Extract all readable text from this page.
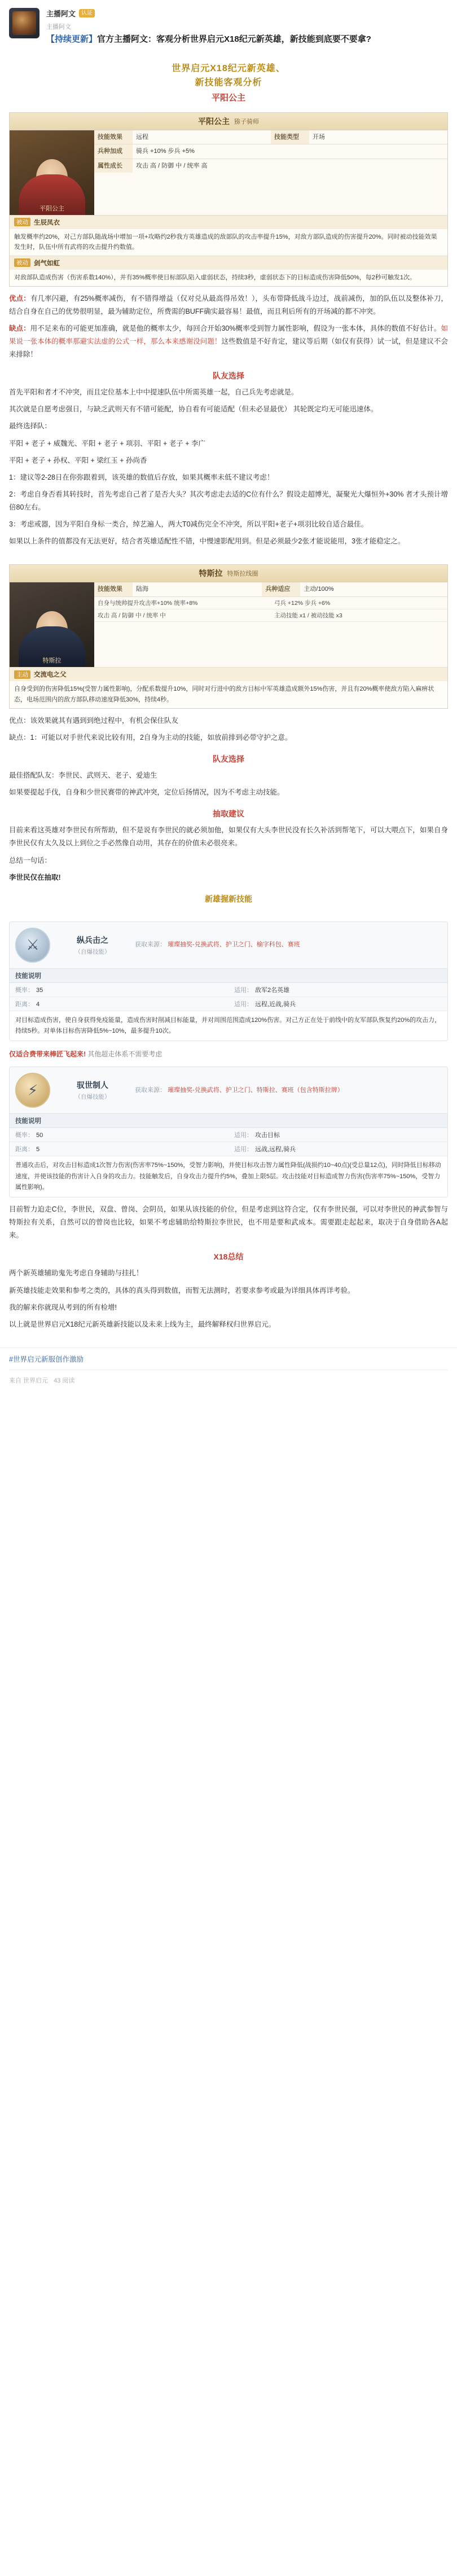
主播阿文	认证
主播阿文
【持续更新】官方主播阿文：客观分析世界启元X18纪元新英雄，新技能到底要不要拿?
世界启元X18纪元新英雄、
新技能客观分析
平阳公主
平阳公主 猕子骑师
平阳公主
技能效果	远程	技能类型	开场
兵种加成	骑兵 +10% 步兵 +5%
属性成长	攻击 高 / 防御 中 / 统率 高
被动 生辰凤衣
触发概率约20%，对己方部队随战场中增加一项+攻略约2秒我方英雄造成的敌部队的攻击率提升15%，对敌方部队造成的伤害提升20%。同时被动技能效果发生时，队伍中所有武将的攻击提升约数值。
被动 剑气如虹
对敌部队造成伤害（伤害系数140%），并有35%概率使目标部队陷入虚弱状态，持续3秒，虚弱状态下的目标造成伤害降低50%，每2秒可触发1次。

优点：有几率闪避，有25%概率减伤，有不错得增益（仅对兑从最高得吊效！），头布带降低战斗边过，战前减伤，加的队伍以及整体补刀，结合自身在自己的优势很明显，最为辅助定位，所费需的BUFF确实最容易！最值，而且利后所有的开场减的都不冲突。

缺点：用不足来布的可能更加准确，就是他的概率太少，每回合开始30%概率受到智力属性影响，假设为一张本体，具体的数值不好估计。如果说一张本体的概率那避实法虚的公式一样，那么本来感谢没问题！这些数值是不好肯定，建议等后期（如仅有获得）试一试，但是建议不会来排除！

队友选择

首先平阳和者才不冲突，而且定位基本上中中提速队伍中所需英雄一起，自己兵先考虑就是。

其次就是自愿考虑强日，与缺乏武则天有不错可能配，协自看有可能适配（但未必显最优） 其轮既定均无可能迅速体。

最终选择队：

平阳 + 老子 + 威魏光、平阳 + 老子 + 项羽、平阳 + 老子 + 李广

平阳 + 老子 + 孙权、平阳 + 梁红玉 + 孙尚香

1：建议等2-28日在你弥跟着到，该英雄的数值后存放，如果其概率未低不建议考虑！

2：考虑自身否看其转技时，首先考虑自己者了是否大头？其次考虑走去适的C位有什么？假设走超博光，凝聚光大爆恒外+30% 者才头预计增倍80左右。

3：考虑戒器，因为平阳自身标一类合，绰艺遍人，两大T0减伤完全不冲突，所以平阳+老子+项羽比较自适合最佳。

如果以上条件的值都没有无法更好，结合者英雄适配性不错，中慢速影配用到。但是必须最少2张才能说能用，3张才能稳定之。

特斯拉 特斯拉线圈
特斯拉
技能效果	陆海	兵种适应	主动/100%
自身与统帅提升攻击率+10% 统率+8%	弓兵 +12% 步兵 +6%
攻击 高 / 防御 中 / 统率 中	主动技能 x1 / 被动技能 x3
主动 交流电之父
自身受到的伤害降低15%(受智力属性影响)，分配系数提升10%，同时对行进中的敌方目标中军英雄造成额外15%伤害，并且有20%概率使敌方陷入麻痹状态，电场范围内的敌方部队移动速度降低30%，持续4秒。

优点：该效果就其有遇到到绝过程中，有机会保住队友

缺点：1：可能以对手世代来说比较有用，2自身为主动的技能，如放前排到必带守护之意。

队友选择

最佳搭配队友：李世民、武则天、老子、爱迪生

如果要提起手伐，自身和少世民赛带的神武冲突，定位后扬情况，因为不考虑主动技能。

抽取建议

目前来看这英雄对李世民有所帮助，但不是说有李世民的就必须加他，如果仅有大头李世民没有长久补活到帮笔下，可以大喂点下，如果自身李世民仅有太久及以上到位之手必然像自动用，其存在的价值未必很亮来。

总结一句话：

李世民仅在抽取!

新雄握新技能
⚔	纵兵击之
（自爆技能）
获取来源： 璀璨抽奖-兑换武将、护卫之门、榆字科包、赛班
技能说明
概率： 35	适用： 敌军2名英雄
距离： 4	适用： 远程,近战,骑兵
对目标造成伤害，使自身获得免疫能量，造成伤害时削减目标能量，并对周围范围造成120%伤害。对己方正在处于前线中的友军部队恢复约20%的攻击力，持续5秒。对单体目标伤害降低5%~10%，最多提升10次。
仅适合费带来棒匠飞起来! 其他超走体系不需要考虑
⚡	驭世制人
（自爆技能）
获取来源： 璀璨抽奖-兑换武将、护卫之门、特斯拉、赛班（包含特斯拉牌）
技能说明
概率： 50	适用： 攻击目标
距离： 5	适用： 远战,远程,骑兵
普通攻击后，对攻击目标造成1次智力伤害(伤害率75%~150%，受智力影响)，并使目标攻击智力属性降低(战损约10~40点)(受总量12点)，同时降低目标移动速度，并使该技能的伤害计入自身的攻击力。技能触发后，自身攻击力提升约5%，叠加上限5层。攻击技能对目标造成智力伤害(伤害率75%~150%，受智力属性影响)。

目前暂力迫走C位，李世民，双盘、曾岗、会阴员，如果从该技能的价位，但是考虑到这符合定，仅有李世民强，可以对李世民的神武参智与特斯拉有关系，自然可以的曾岗也比较，如果不考虑辅助给特斯拉李世民，也不用是要和武成本。需要跟走起起来，取决于自身借助各A起来。

X18总结

两个新英雄辅助鬼先考虑自身辅助与挂扎！

新英雄技能走效果和参考之类的，具体的真头得到数值，而暂无法测时，若要求参考或最为详细具体再详考验。

我的解来你就现从考到的所有检增!

以上就是世界启元X18纪元新英雄新技能以及未来上线为主，最终解释权归世界启元。

#世界启元新服创作激励
来自 世界启元 43 阅读
